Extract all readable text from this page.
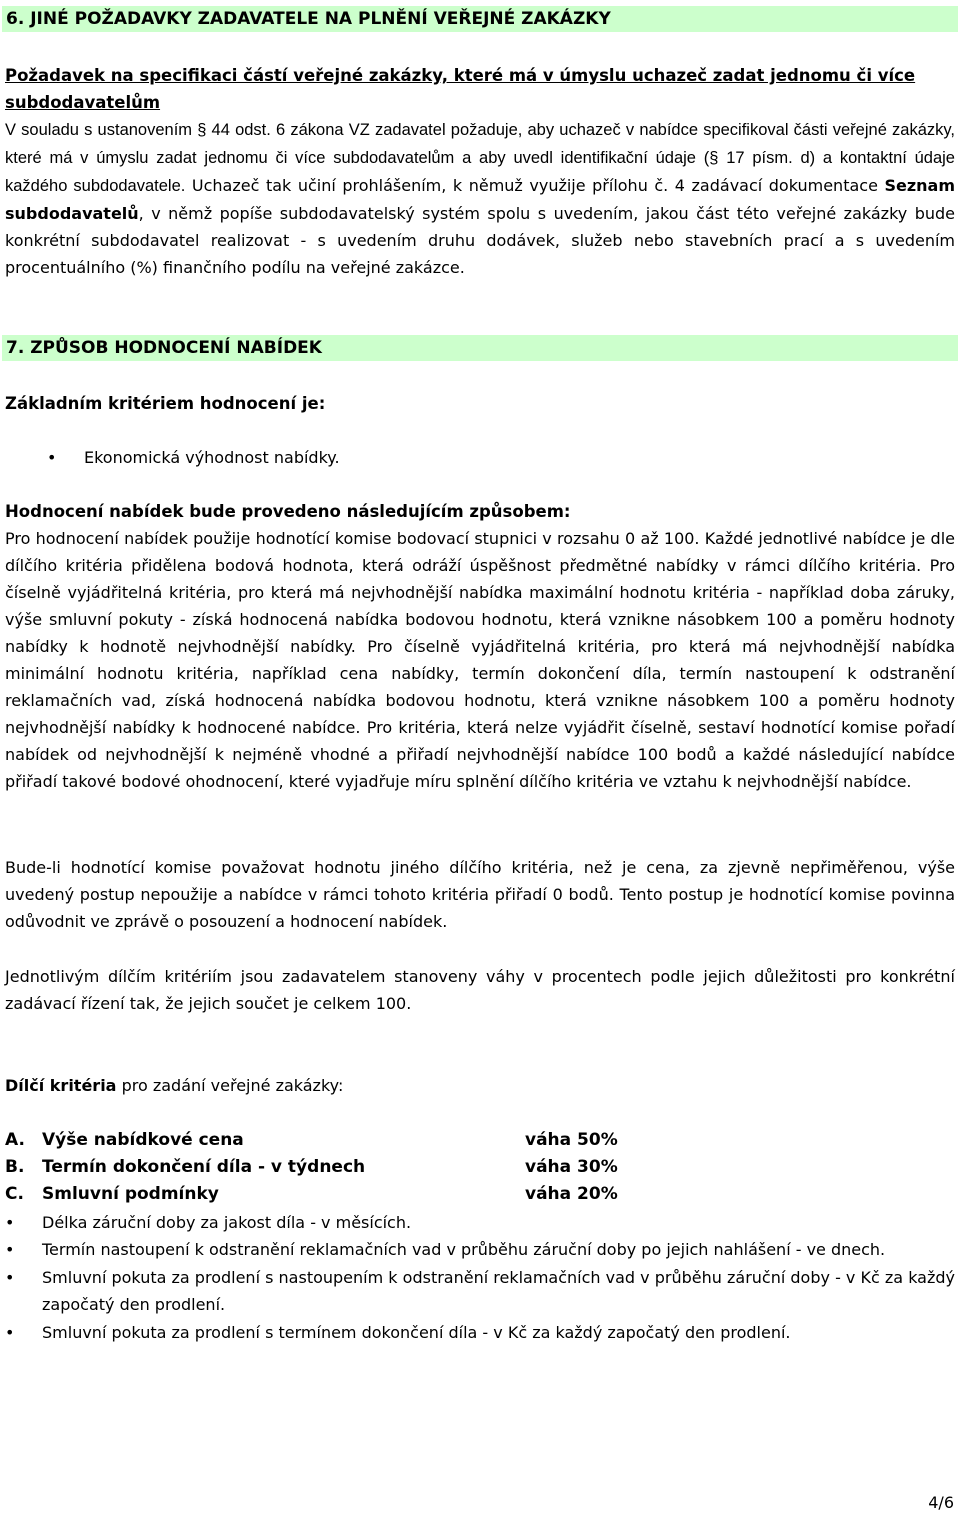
6. JINÉ POŽADAVKY ZADAVATELE NA PLNĚNÍ VEŘEJNÉ ZAKÁZKY
Požadavek na specifikaci částí veřejné zakázky, které má v úmyslu uchazeč zadat jednomu či více subdodavatelům
V souladu s ustanovením § 44 odst. 6 zákona VZ zadavatel požaduje, aby uchazeč v nabídce specifikoval části veřejné zakázky, které má v úmyslu zadat jednomu či více subdodavatelům a aby uvedl identifikační údaje (§ 17 písm. d) a kontaktní údaje každého subdodavatele. Uchazeč tak učiní prohlášením, k němuž využije přílohu č. 4 zadávací dokumentace Seznam subdodavatelů, v němž popíše subdodavatelský systém spolu s uvedením, jakou část této veřejné zakázky bude konkrétní subdodavatel realizovat - s uvedením druhu dodávek, služeb nebo stavebních prací a s uvedením procentuálního (%) finančního podílu na veřejné zakázce.
7. ZPŮSOB HODNOCENÍ NABÍDEK
Základním kritériem hodnocení je:
•	Ekonomická výhodnost nabídky.
Hodnocení nabídek bude provedeno následujícím způsobem:
Pro hodnocení nabídek použije hodnotící komise bodovací stupnici v rozsahu 0 až 100. Každé jednotlivé nabídce je dle dílčího kritéria přidělena bodová hodnota, která odráží úspěšnost předmětné nabídky v rámci dílčího kritéria. Pro číselně vyjádřitelná kritéria, pro která má nejvhodnější nabídka maximální hodnotu kritéria - například doba záruky, výše smluvní pokuty - získá hodnocená nabídka bodovou hodnotu, která vznikne násobkem 100 a poměru hodnoty nabídky k hodnotě nejvhodnější nabídky. Pro číselně vyjádřitelná kritéria, pro která má nejvhodnější nabídka minimální hodnotu kritéria, například cena nabídky, termín dokončení díla, termín nastoupení k odstranění reklamačních vad, získá hodnocená nabídka bodovou hodnotu, která vznikne násobkem 100 a poměru hodnoty nejvhodnější nabídky k hodnocené nabídce. Pro kritéria, která nelze vyjádřit číselně, sestaví hodnotící komise pořadí nabídek od nejvhodnější k nejméně vhodné a přiřadí nejvhodnější nabídce 100 bodů a každé následující nabídce přiřadí takové bodové ohodnocení, které vyjadřuje míru splnění dílčího kritéria ve vztahu k nejvhodnější nabídce.
Bude-li hodnotící komise považovat hodnotu jiného dílčího kritéria, než je cena, za zjevně nepřiměřenou, výše uvedený postup nepoužije a nabídce v rámci tohoto kritéria přiřadí 0 bodů. Tento postup je hodnotící komise povinna odůvodnit ve zprávě o posouzení a hodnocení nabídek.
Jednotlivým dílčím kritériím jsou zadavatelem stanoveny váhy v procentech podle jejich důležitosti pro konkrétní zadávací řízení tak, že jejich součet je celkem 100.
Dílčí kritéria pro zadání veřejné zakázky:
A. Výše nabídkové cena	váha 50%
B. Termín dokončení díla - v týdnech	váha 30%
C. Smluvní podmínky	váha 20%
•	Délka záruční doby za jakost díla - v měsících.
•	Termín nastoupení k odstranění reklamačních vad v průběhu záruční doby po jejich nahlášení - ve dnech.
•	Smluvní pokuta za prodlení s nastoupením k odstranění reklamačních vad v průběhu záruční doby - v Kč za každý započatý den prodlení.
•	Smluvní pokuta za prodlení s termínem dokončení díla - v Kč za každý započatý den prodlení.
4/6
